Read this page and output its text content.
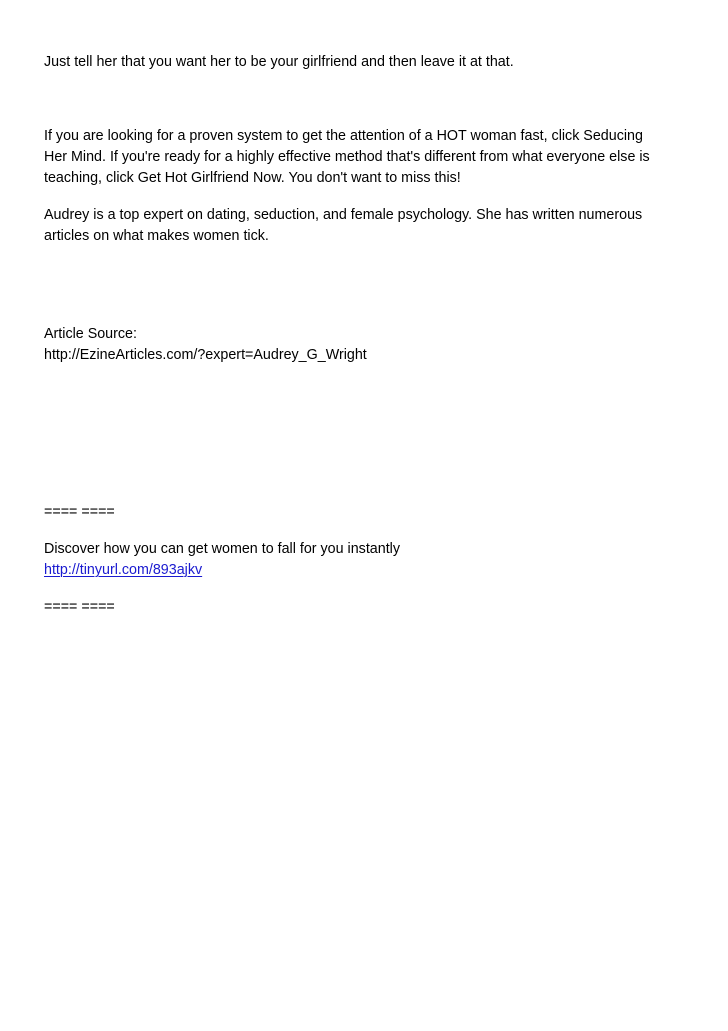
Just tell her that you want her to be your girlfriend and then leave it at that.
If you are looking for a proven system to get the attention of a HOT woman fast, click Seducing
Her Mind. If you're ready for a highly effective method that's different from what everyone else is
teaching, click Get Hot Girlfriend Now. You don't want to miss this!
Audrey is a top expert on dating, seduction, and female psychology. She has written numerous
articles on what makes women tick.
Article Source:
http://EzineArticles.com/?expert=Audrey_G_Wright
==== ====
Discover how you can get women to fall for you instantly
http://tinyurl.com/893ajkv
==== ====
